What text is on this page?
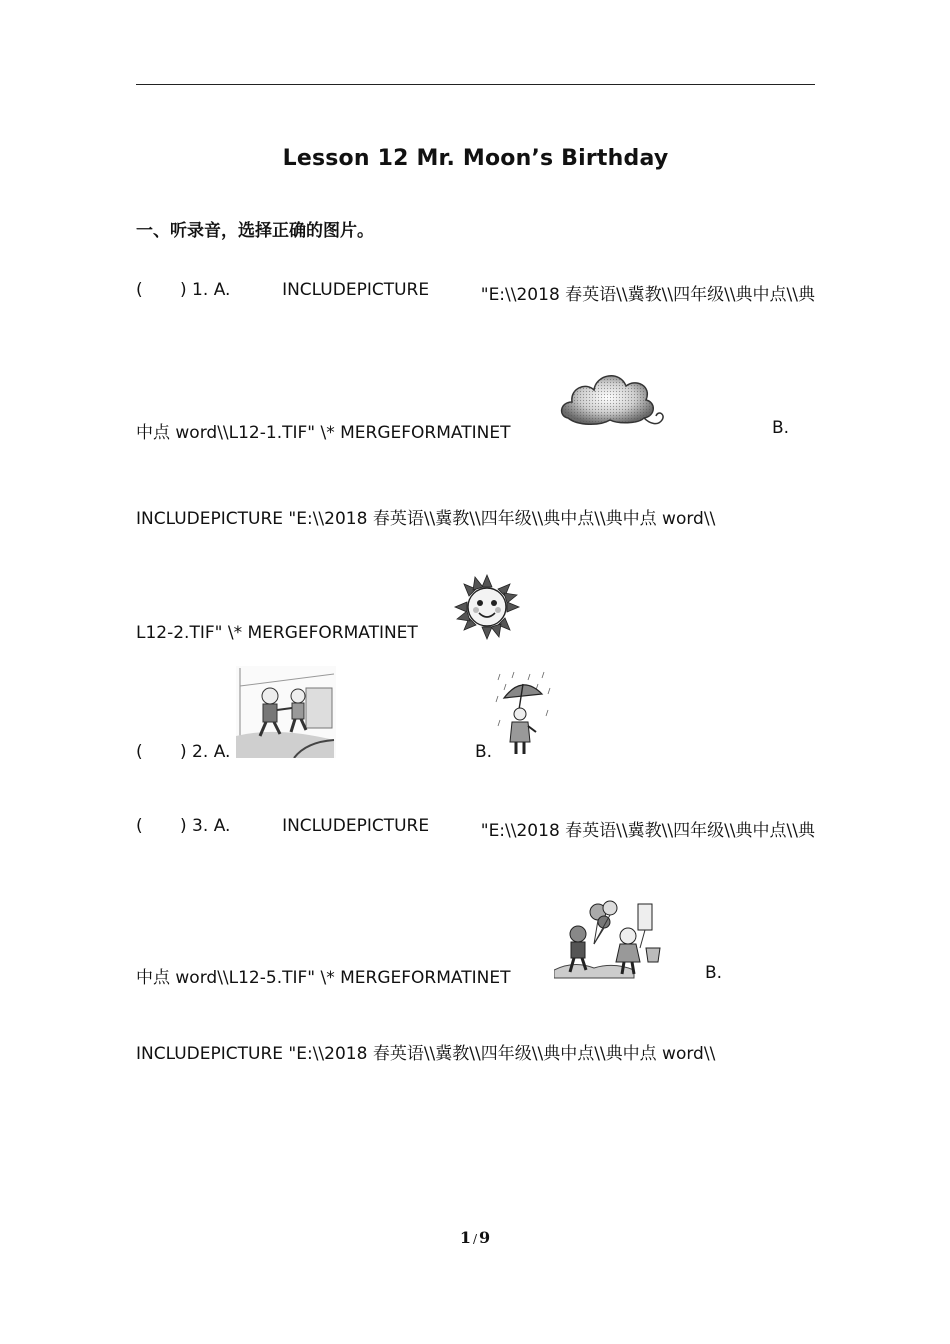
Lesson 12 Mr. Moon’s Birthday
一、听录音，选择正确的图片。
( ) 1. A.	INCLUDEPICTURE	"E:\\2018 春英语\\冀教\\四年级\\典中点\\典
中点 word\\L12-1.TIF" \* MERGEFORMATINET	B.
INCLUDEPICTURE "E:\\2018 春英语\\冀教\\四年级\\典中点\\典中点 word\\
L12-2.TIF" \* MERGEFORMATINET
( ) 2. A.	B.
( ) 3. A.	INCLUDEPICTURE	"E:\\2018 春英语\\冀教\\四年级\\典中点\\典
中点 word\\L12-5.TIF" \* MERGEFORMATINET	B.
INCLUDEPICTURE "E:\\2018 春英语\\冀教\\四年级\\典中点\\典中点 word\\
1 / 9
